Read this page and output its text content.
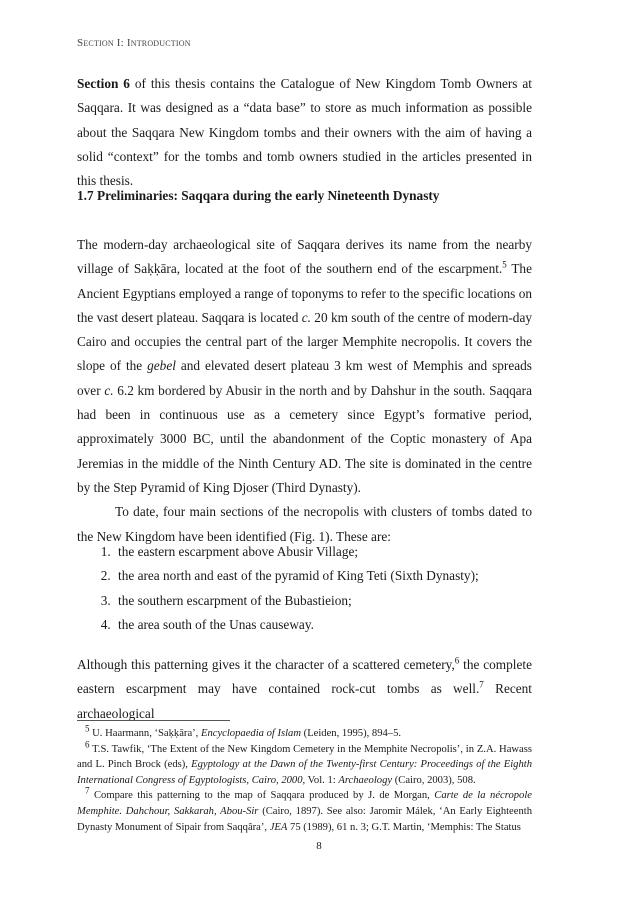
Section I: Introduction

Section 6 of this thesis contains the Catalogue of New Kingdom Tomb Owners at Saqqara. It was designed as a “data base” to store as much information as possible about the Saqqara New Kingdom tombs and their owners with the aim of having a solid “context” for the tombs and tomb owners studied in the articles presented in this thesis.

1.7 Preliminaries: Saqqara during the early Nineteenth Dynasty

The modern-day archaeological site of Saqqara derives its name from the nearby village of Saḳḳāra, located at the foot of the southern end of the escarpment.$^5$ The Ancient Egyptians employed a range of toponyms to refer to the specific locations on the vast desert plateau. Saqqara is located c. 20 km south of the centre of modern-day Cairo and occupies the central part of the larger Memphite necropolis. It covers the slope of the gebel and elevated desert plateau 3 km west of Memphis and spreads over c. 6.2 km bordered by Abusir in the north and by Dahshur in the south. Saqqara had been in continuous use as a cemetery since Egypt’s formative period, approximately 3000 BC, until the abandonment of the Coptic monastery of Apa Jeremias in the middle of the Ninth Century AD. The site is dominated in the centre by the Step Pyramid of King Djoser (Third Dynasty).

To date, four main sections of the necropolis with clusters of tombs dated to the New Kingdom have been identified (Fig. 1). These are:

1. the eastern escarpment above Abusir Village;
2. the area north and east of the pyramid of King Teti (Sixth Dynasty);
3. the southern escarpment of the Bubastieion;
4. the area south of the Unas causeway.

Although this patterning gives it the character of a scattered cemetery,$^6$ the complete eastern escarpment may have contained rock-cut tombs as well.$^7$ Recent archaeological

$^5$ U. Haarmann, ‘Saḳḳāra’, Encyclopaedia of Islam (Leiden, 1995), 894–5.

$^6$ T.S. Tawfik, ‘The Extent of the New Kingdom Cemetery in the Memphite Necropolis’, in Z.A. Hawass and L. Pinch Brock (eds), Egyptology at the Dawn of the Twenty-first Century: Proceedings of the Eighth International Congress of Egyptologists, Cairo, 2000, Vol. 1: Archaeology (Cairo, 2003), 508.

$^7$ Compare this patterning to the map of Saqqara produced by J. de Morgan, Carte de la nécropole Memphite. Dahchour, Sakkarah, Abou-Sir (Cairo, 1897). See also: Jaromir Málek, ‘An Early Eighteenth Dynasty Monument of Sipair from Saqqâra’, JEA 75 (1989), 61 n. 3; G.T. Martin, ‘Memphis: The Status

8
